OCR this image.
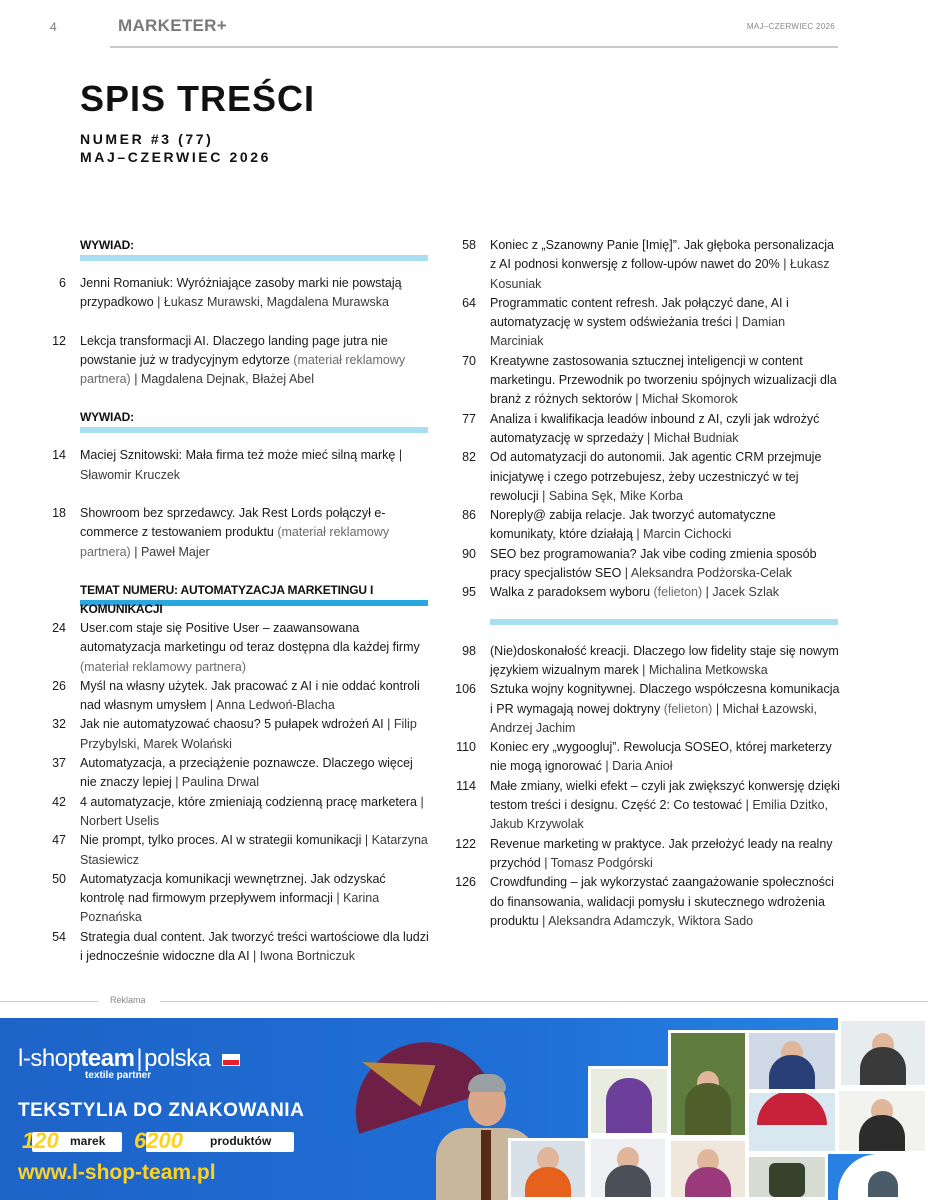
4	MARKETER+	MAJ–CZERWIEC 2026
SPIS TREŚCI
NUMER #3 (77)
MAJ–CZERWIEC 2026
WYWIAD:
6 Jenni Romaniuk: Wyróżniające zasoby marki nie powstają przypadkowo | Łukasz Murawski, Magdalena Murawska
12 Lekcja transformacji AI. Dlaczego landing page jutra nie powstanie już w tradycyjnym edytorze (materiał reklamowy partnera) | Magdalena Dejnak, Błażej Abel
WYWIAD:
14 Maciej Sznitowski: Mała firma też może mieć silną markę | Sławomir Kruczek
18 Showroom bez sprzedawcy. Jak Rest Lords połączył e-commerce z testowaniem produktu (materiał reklamowy partnera) | Paweł Majer
TEMAT NUMERU: AUTOMATYZACJA MARKETINGU I KOMUNIKACJI
24 User.com staje się Positive User – zaawansowana automatyzacja marketingu od teraz dostępna dla każdej firmy (materiał reklamowy partnera)
26 Myśl na własny użytek. Jak pracować z AI i nie oddać kontroli nad własnym umysłem | Anna Ledwoń-Blacha
32 Jak nie automatyzować chaosu? 5 pułapek wdrożeń AI | Filip Przybylski, Marek Wolański
37 Automatyzacja, a przeciążenie poznawcze. Dlaczego więcej nie znaczy lepiej | Paulina Drwal
42 4 automatyzacje, które zmieniają codzienną pracę marketera | Norbert Uselis
47 Nie prompt, tylko proces. AI w strategii komunikacji | Katarzyna Stasiewicz
50 Automatyzacja komunikacji wewnętrznej. Jak odzyskać kontrolę nad firmowym przepływem informacji | Karina Poznańska
54 Strategia dual content. Jak tworzyć treści wartościowe dla ludzi i jednocześnie widoczne dla AI | Iwona Bortniczuk
58 Koniec z „Szanowny Panie [Imię]”. Jak głęboka personalizacja z AI podnosi konwersję z follow-upów nawet do 20% | Łukasz Kosuniak
64 Programmatic content refresh. Jak połączyć dane, AI i automatyzację w system odświeżania treści | Damian Marciniak
70 Kreatywne zastosowania sztucznej inteligencji w content marketingu. Przewodnik po tworzeniu spójnych wizualizacji dla branż z różnych sektorów | Michał Skomorok
77 Analiza i kwalifikacja leadów inbound z AI, czyli jak wdrożyć automatyzację w sprzedaży | Michał Budniak
82 Od automatyzacji do autonomii. Jak agentic CRM przejmuje inicjatywę i czego potrzebujesz, żeby uczestniczyć w tej rewolucji | Sabina Sęk, Mike Korba
86 Noreply@ zabija relacje. Jak tworzyć automatyczne komunikaty, które działają | Marcin Cichocki
90 SEO bez programowania? Jak vibe coding zmienia sposób pracy specjalistów SEO | Aleksandra Podżorska-Celak
95 Walka z paradoksem wyboru (felieton) | Jacek Szlak
98 (Nie)doskonałość kreacji. Dlaczego low fidelity staje się nowym językiem wizualnym marek | Michalina Metkowska
106 Sztuka wojny kognitywnej. Dlaczego współczesna komunikacja i PR wymagają nowej doktryny (felieton) | Michał Łazowski, Andrzej Jachim
110 Koniec ery „wygoogluj”. Rewolucja SOSEO, której marketerzy nie mogą ignorować | Daria Anioł
114 Małe zmiany, wielki efekt – czyli jak zwiększyć konwersję dzięki testom treści i designu. Część 2: Co testować | Emilia Dzitko, Jakub Krzywolak
122 Revenue marketing w praktyce. Jak przełożyć leady na realny przychód | Tomasz Podgórski
126 Crowdfunding – jak wykorzystać zaangażowanie społeczności do finansowania, walidacji pomysłu i skutecznego wdrożenia produktu | Aleksandra Adamczyk, Wiktora Sado
Reklama
l-shopteam|polska
textile partner
TEKSTYLIA DO ZNAKOWANIA
120 marek 6200 produktów
www.l-shop-team.pl
